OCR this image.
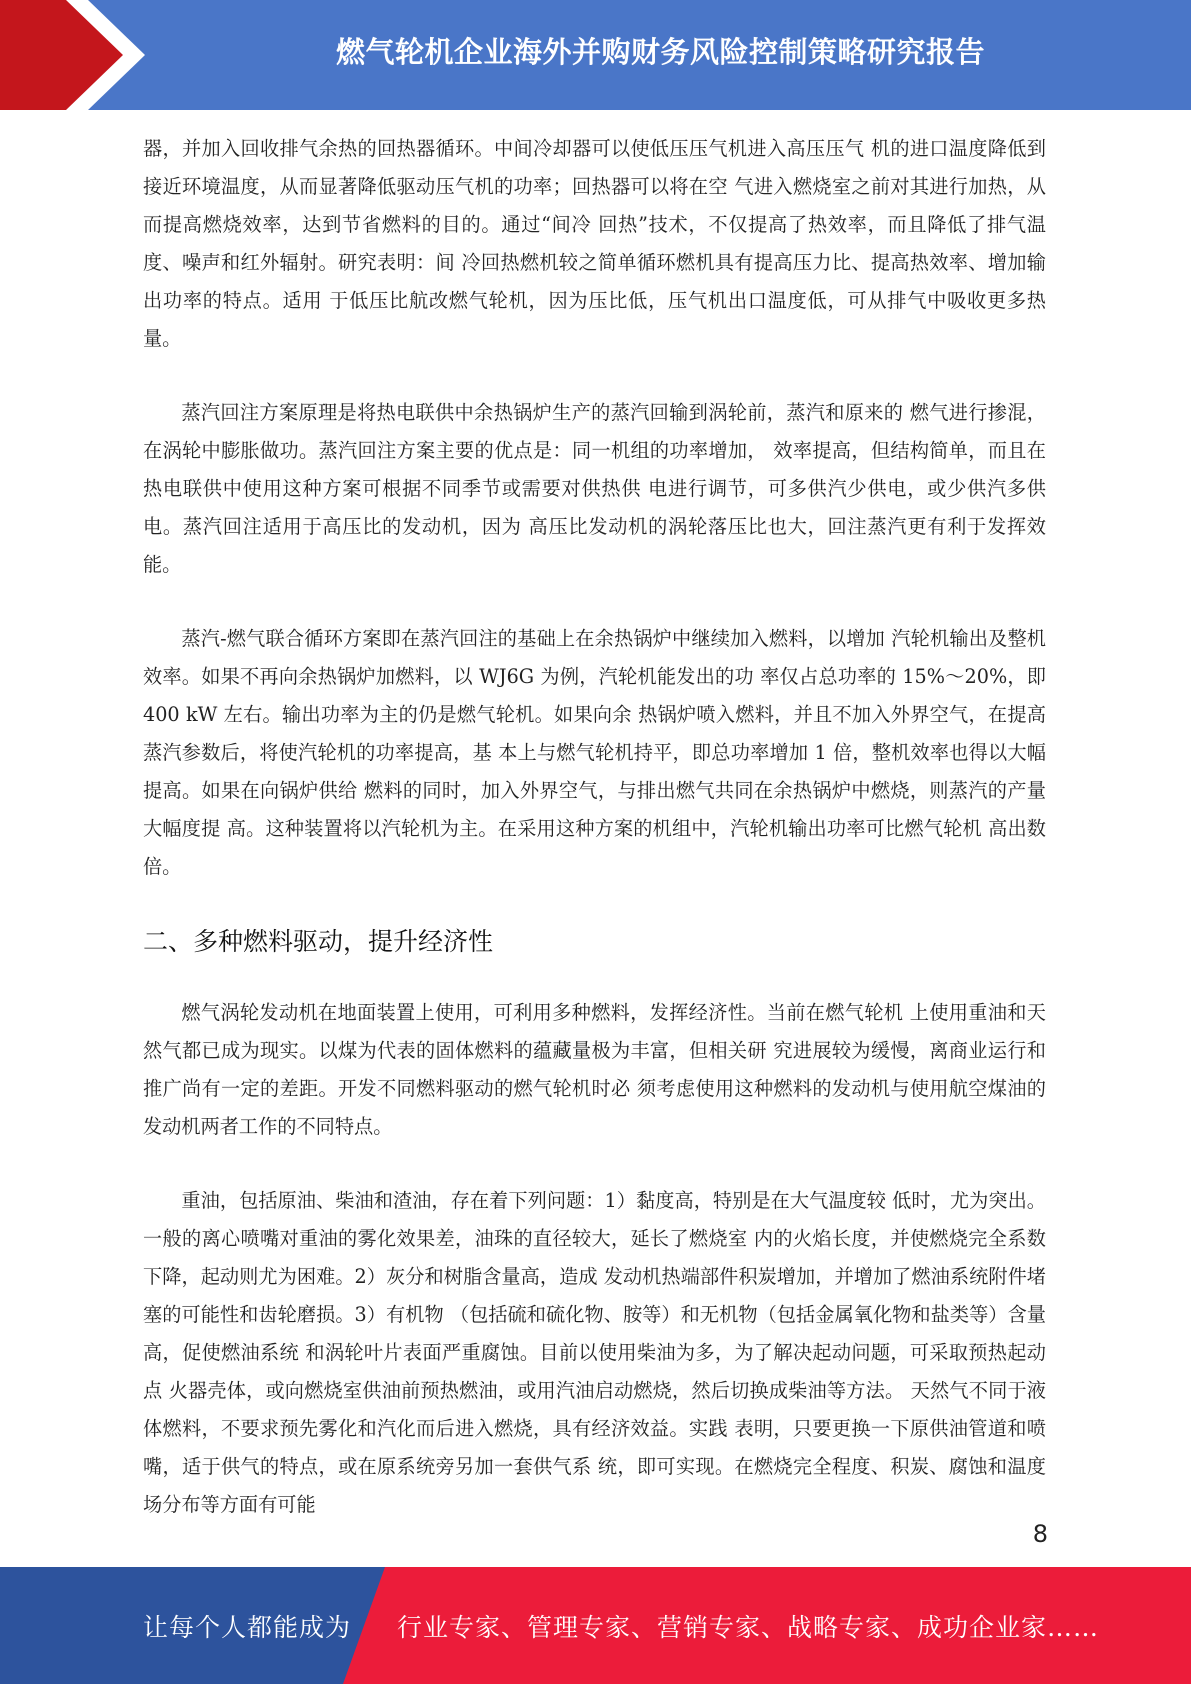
燃气轮机企业海外并购财务风险控制策略研究报告

器，并加入回收排气余热的回热器循环。中间冷却器可以使低压压气机进入高压压气 机的进口温度降低到接近环境温度，从而显著降低驱动压气机的功率；回热器可以将在空 气进入燃烧室之前对其进行加热，从而提高燃烧效率，达到节省燃料的目的。通过“间冷 回热”技术，不仅提高了热效率，而且降低了排气温度、噪声和红外辐射。研究表明：间 冷回热燃机较之简单循环燃机具有提高压力比、提高热效率、增加输出功率的特点。适用 于低压比航改燃气轮机，因为压比低，压气机出口温度低，可从排气中吸收更多热量。

蒸汽回注方案原理是将热电联供中余热锅炉生产的蒸汽回输到涡轮前，蒸汽和原来的 燃气进行掺混，在涡轮中膨胀做功。蒸汽回注方案主要的优点是：同一机组的功率增加， 效率提高，但结构简单，而且在热电联供中使用这种方案可根据不同季节或需要对供热供 电进行调节，可多供汽少供电，或少供汽多供电。蒸汽回注适用于高压比的发动机，因为 高压比发动机的涡轮落压比也大，回注蒸汽更有利于发挥效能。

蒸汽-燃气联合循环方案即在蒸汽回注的基础上在余热锅炉中继续加入燃料，以增加 汽轮机输出及整机效率。如果不再向余热锅炉加燃料，以 WJ6G 为例，汽轮机能发出的功 率仅占总功率的 15%～20%，即 400 kW 左右。输出功率为主的仍是燃气轮机。如果向余 热锅炉喷入燃料，并且不加入外界空气，在提高蒸汽参数后，将使汽轮机的功率提高，基 本上与燃气轮机持平，即总功率增加 1 倍，整机效率也得以大幅提高。如果在向锅炉供给 燃料的同时，加入外界空气，与排出燃气共同在余热锅炉中燃烧，则蒸汽的产量大幅度提 高。这种装置将以汽轮机为主。在采用这种方案的机组中，汽轮机输出功率可比燃气轮机 高出数倍。

二、多种燃料驱动，提升经济性

燃气涡轮发动机在地面装置上使用，可利用多种燃料，发挥经济性。当前在燃气轮机 上使用重油和天然气都已成为现实。以煤为代表的固体燃料的蕴藏量极为丰富，但相关研 究进展较为缓慢，离商业运行和推广尚有一定的差距。开发不同燃料驱动的燃气轮机时必 须考虑使用这种燃料的发动机与使用航空煤油的发动机两者工作的不同特点。

重油，包括原油、柴油和渣油，存在着下列问题：1）黏度高，特别是在大气温度较 低时，尤为突出。一般的离心喷嘴对重油的雾化效果差，油珠的直径较大，延长了燃烧室 内的火焰长度，并使燃烧完全系数下降，起动则尤为困难。2）灰分和树脂含量高，造成 发动机热端部件积炭增加，并增加了燃油系统附件堵塞的可能性和齿轮磨损。3）有机物 （包括硫和硫化物、胺等）和无机物（包括金属氧化物和盐类等）含量高，促使燃油系统 和涡轮叶片表面严重腐蚀。目前以使用柴油为多，为了解决起动问题，可采取预热起动点 火器壳体，或向燃烧室供油前预热燃油，或用汽油启动燃烧，然后切换成柴油等方法。 天然气不同于液体燃料，不要求预先雾化和汽化而后进入燃烧，具有经济效益。实践 表明，只要更换一下原供油管道和喷嘴，适于供气的特点，或在原系统旁另加一套供气系 统，即可实现。在燃烧完全程度、积炭、腐蚀和温度场分布等方面有可能

8
让每个人都能成为 行业专家、管理专家、营销专家、战略专家、成功企业家……
